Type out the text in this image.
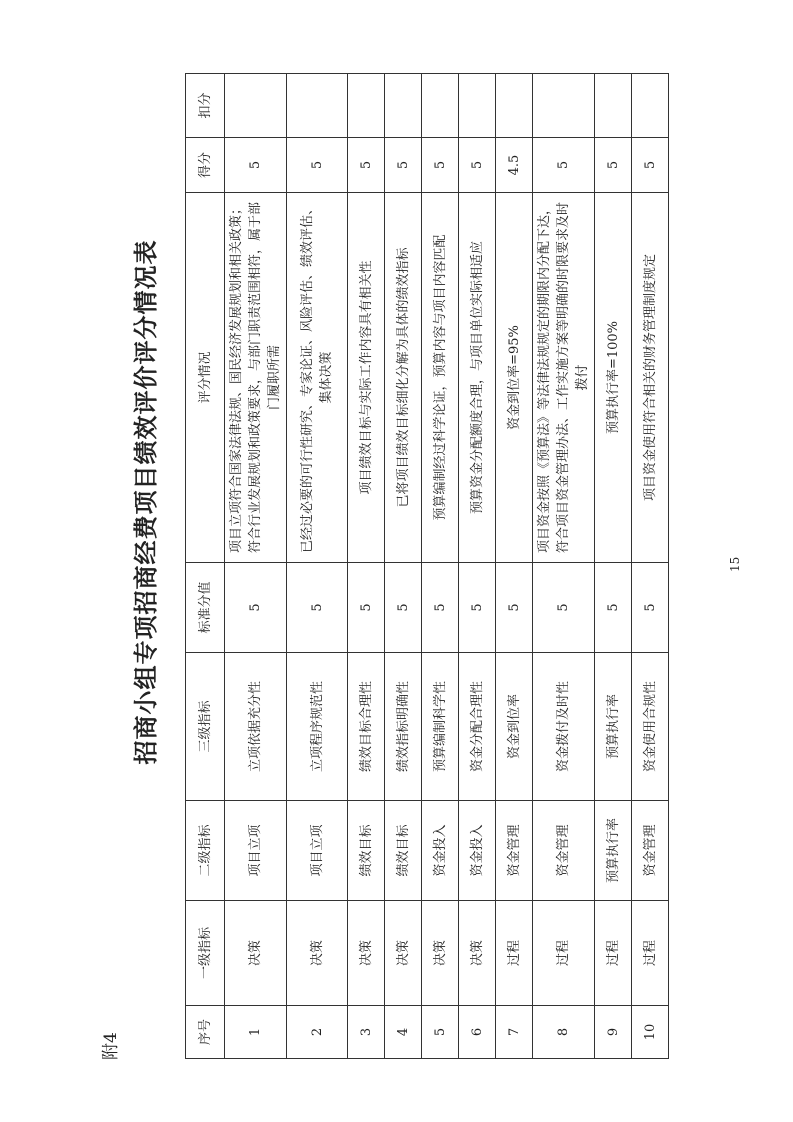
附4
招商小组专项招商经费项目绩效评价评分情况表
序号	一级指标	二级指标	三级指标	标准分值	评分情况	得分	扣分
1	决策	项目立项	立项依据充分性	5	项目立项符合国家法律法规、国民经济发展规划和相关政策；符合行业发展规划和政策要求，与部门职责范围相符，属于部门履职所需	5	
2	决策	项目立项	立项程序规范性	5	已经过必要的可行性研究、专家论证、风险评估、绩效评估、集体决策	5	
3	决策	绩效目标	绩效目标合理性	5	项目绩效目标与实际工作内容具有相关性	5	
4	决策	绩效目标	绩效指标明确性	5	已将项目绩效目标细化分解为具体的绩效指标	5	
5	决策	资金投入	预算编制科学性	5	预算编制经过科学论证，预算内容与项目内容匹配	5	
6	决策	资金投入	资金分配合理性	5	预算资金分配额度合理，与项目单位实际相适应	5	
7	过程	资金管理	资金到位率	5	资金到位率=95%	4.5	
8	过程	资金管理	资金拨付及时性	5	项目资金按照《预算法》等法律法规规定的期限内分配下达，符合项目资金管理办法、工作实施方案等明确的时限要求及时拨付	5	
9	过程	预算执行率	预算执行率	5	预算执行率=100%	5	
10	过程	资金管理	资金使用合规性	5	项目资金使用符合相关的财务管理制度规定	5	
15
